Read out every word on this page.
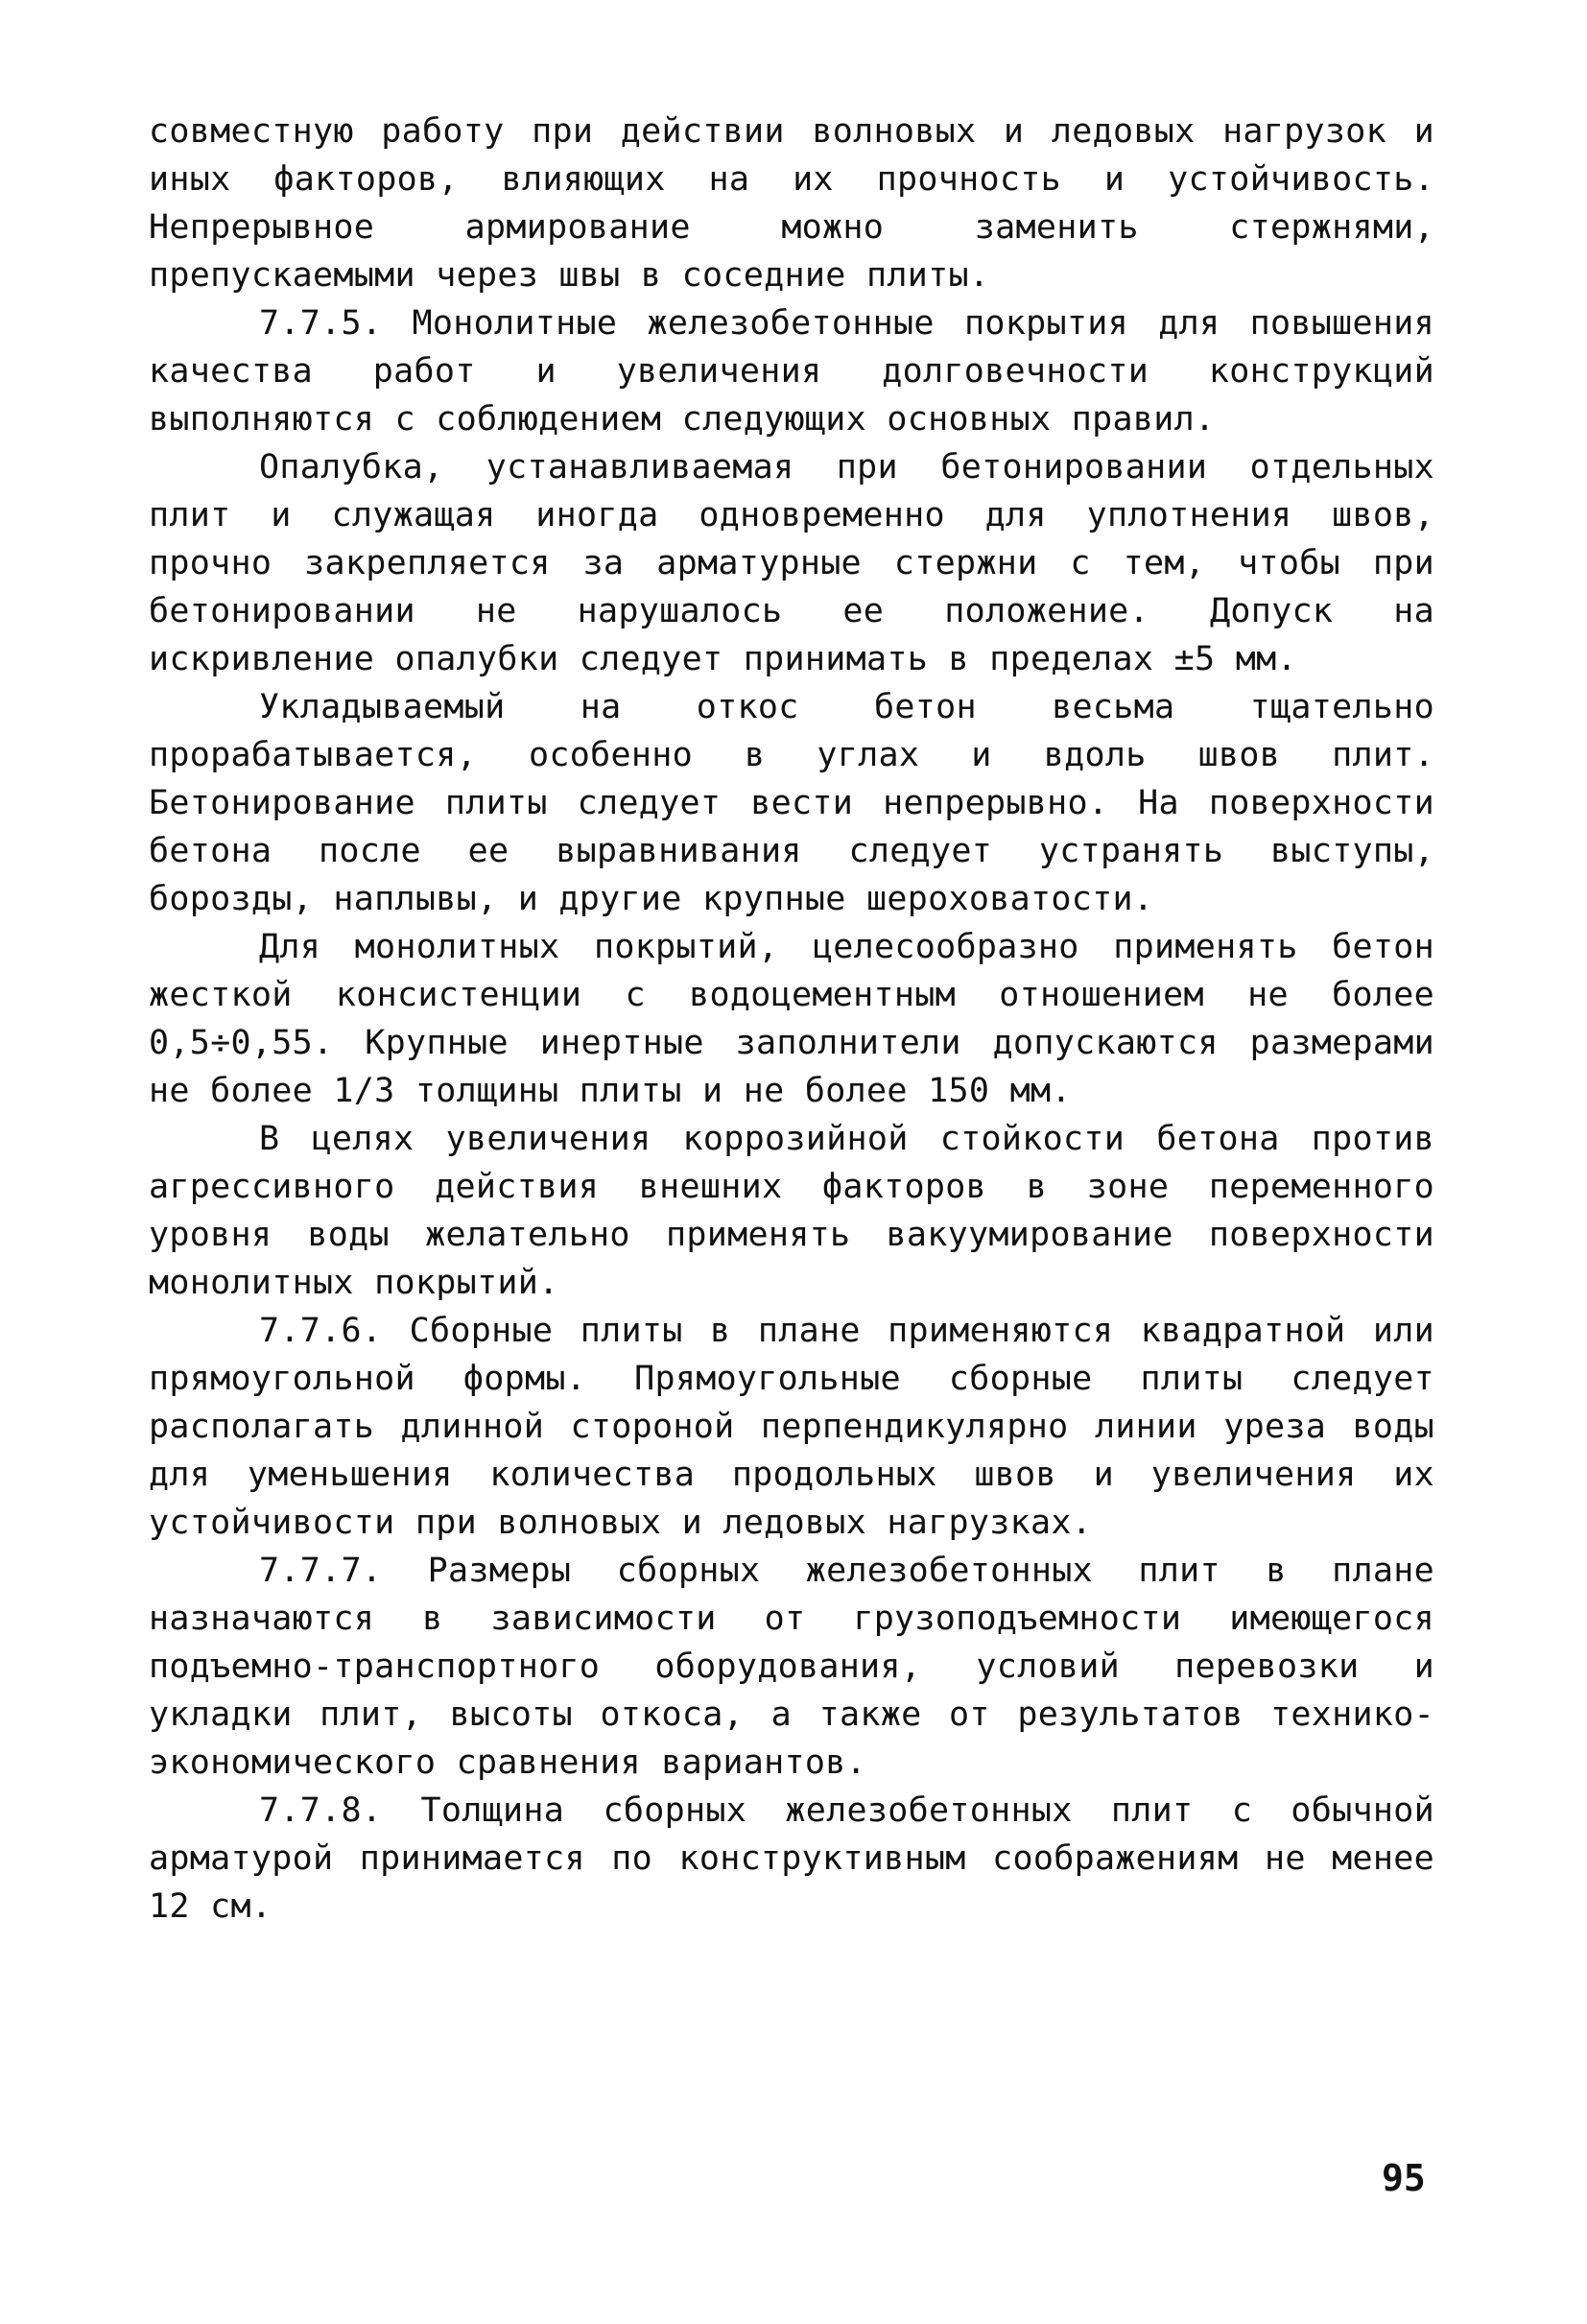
совместную работу при действии волновых и ледовых нагрузок и иных факторов, влияющих на их прочность и устойчивость. Непрерывное армирование можно заменить стержнями, препускаемыми через швы в соседние плиты.

7.7.5. Монолитные железобетонные покрытия для повышения качества работ и увеличения долговечности конструкций выполняются с соблюдением следующих основных правил.

Опалубка, устанавливаемая при бетонировании отдельных плит и служащая иногда одновременно для уплотнения швов, прочно закрепляется за арматурные стержни с тем, чтобы при бетонировании не нарушалось ее положение. Допуск на искривление опалубки следует принимать в пределах ±5 мм.

Укладываемый на откос бетон весьма тщательно прорабатывается, особенно в углах и вдоль швов плит. Бетонирование плиты следует вести непрерывно. На поверхности бетона после ее выравнивания следует устранять выступы, борозды, наплывы, и другие крупные шероховатости.

Для монолитных покрытий, целесообразно применять бетон жесткой консистенции с водоцементным отношением не более 0,5÷0,55. Крупные инертные заполнители допускаются размерами не более 1/3 толщины плиты и не более 150 мм.

В целях увеличения коррозийной стойкости бетона против агрессивного действия внешних факторов в зоне переменного уровня воды желательно применять вакуумирование поверхности монолитных покрытий.

7.7.6. Сборные плиты в плане применяются квадратной или прямоугольной формы. Прямоугольные сборные плиты следует располагать длинной стороной перпендикулярно линии уреза воды для уменьшения количества продольных швов и увеличения их устойчивости при волновых и ледовых нагрузках.

7.7.7. Размеры сборных железобетонных плит в плане назначаются в зависимости от грузоподъемности имеющегося подъемно-транспортного оборудования, условий перевозки и укладки плит, высоты откоса, а также от результатов технико-экономического сравнения вариантов.

7.7.8. Толщина сборных железобетонных плит с обычной арматурой принимается по конструктивным соображениям не менее 12 см.

95
